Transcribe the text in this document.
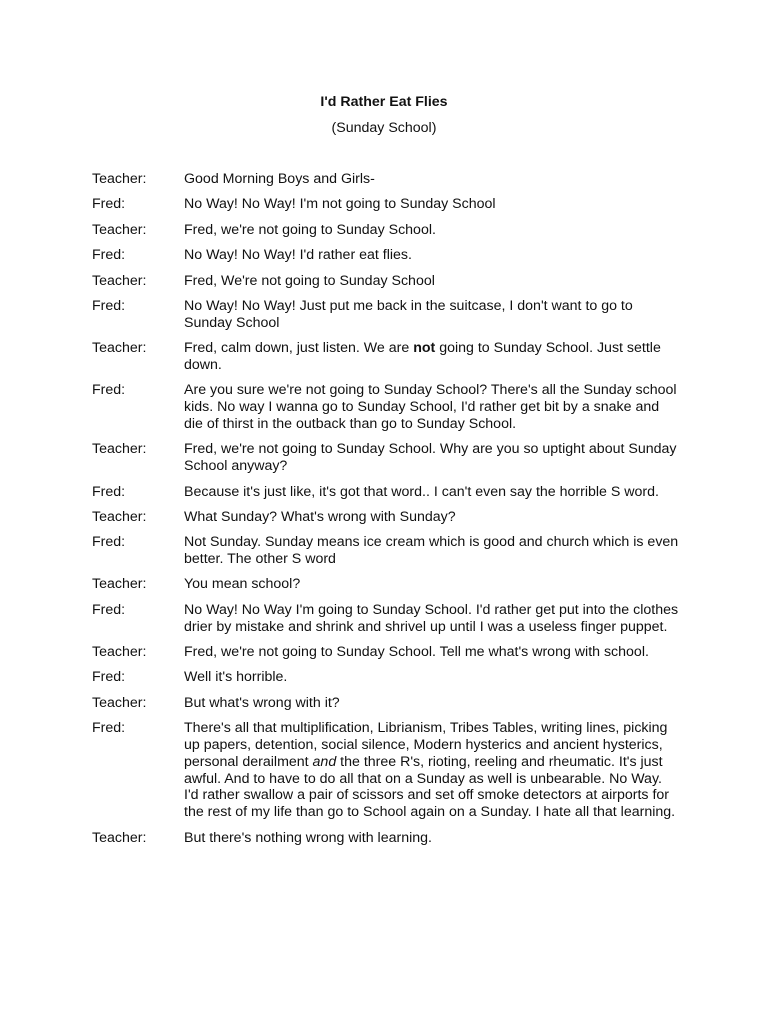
I'd Rather Eat Flies
(Sunday School)
Teacher:	Good Morning Boys and Girls-
Fred:	No Way! No Way! I'm not going to Sunday School
Teacher:	Fred, we're not going to Sunday School.
Fred:	No Way! No Way! I'd rather eat flies.
Teacher:	Fred, We're not going to Sunday School
Fred:	No Way! No Way! Just put me back in the suitcase, I don't want to go to Sunday School
Teacher:	Fred, calm down, just listen. We are not going to Sunday School. Just settle down.
Fred:	Are you sure we're not going to Sunday School? There's all the Sunday school kids. No way I wanna go to Sunday School, I'd rather get bit by a snake and die of thirst in the outback than go to Sunday School.
Teacher:	Fred, we're not going to Sunday School. Why are you so uptight about Sunday School anyway?
Fred:	Because it's just like, it's got that word.. I can't even say the horrible S word.
Teacher:	What Sunday? What's wrong with Sunday?
Fred:	Not Sunday. Sunday means ice cream which is good and church which is even better. The other S word
Teacher:	You mean school?
Fred:	No Way! No Way I'm going to Sunday School. I'd rather get put into the clothes drier by mistake and shrink and shrivel up until I was a useless finger puppet.
Teacher:	Fred, we're not going to Sunday School. Tell me what's wrong with school.
Fred:	Well it's horrible.
Teacher:	But what's wrong with it?
Fred:	There's all that multiplification, Librianism, Tribes Tables, writing lines, picking up papers, detention, social silence, Modern hysterics and ancient hysterics, personal derailment and the three R's, rioting, reeling and rheumatic. It's just awful. And to have to do all that on a Sunday as well is unbearable. No Way. I'd rather swallow a pair of scissors and set off smoke detectors at airports for the rest of my life than go to School again on a Sunday. I hate all that learning.
Teacher:	But there's nothing wrong with learning.
